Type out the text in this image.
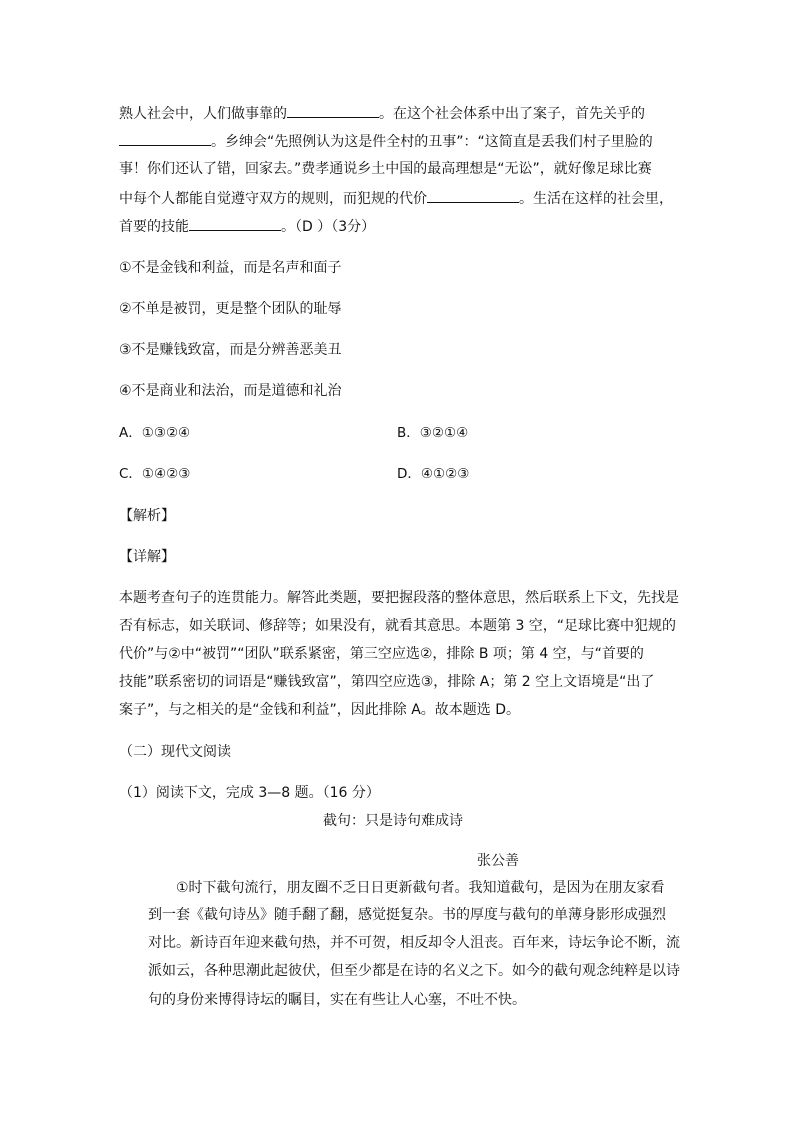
熟人社会中，人们做事靠的	。在这个社会体系中出了案子，首先关乎的
。乡绅会“先照例认为这是件全村的丑事”：“这简直是丢我们村子里脸的
事！你们还认了错，回家去。”费孝通说乡土中国的最高理想是“无讼”，就好像足球比赛
中每个人都能自觉遵守双方的规则，而犯规的代价	。生活在这样的社会里，
首要的技能	。（D ）（3分）
①不是金钱和利益，而是名声和面子
②不单是被罚，更是整个团队的耻辱
③不是赚钱致富，而是分辨善恶美丑
④不是商业和法治，而是道德和礼治
A．①③②④	B．③②①④
C．①④②③	D．④①②③
【解析】
【详解】
本题考查句子的连贯能力。解答此类题，要把握段落的整体意思，然后联系上下文，先找是
否有标志，如关联词、修辞等；如果没有，就看其意思。本题第 3 空，“足球比赛中犯规的
代价”与②中“被罚”“团队”联系紧密，第三空应选②，排除 B 项；第 4 空，与“首要的
技能”联系密切的词语是“赚钱致富”，第四空应选③，排除 A；第 2 空上文语境是“出了
案子”，与之相关的是“金钱和利益”，因此排除 A。故本题选 D。
（二）现代文阅读
（1）阅读下文，完成 3—8 题。（16 分）
截句：只是诗句难成诗
张公善
①时下截句流行，朋友圈不乏日日更新截句者。我知道截句，是因为在朋友家看
到一套《截句诗丛》随手翻了翻，感觉挺复杂。书的厚度与截句的单薄身影形成强烈
对比。新诗百年迎来截句热，并不可贺，相反却令人沮丧。百年来，诗坛争论不断，流
派如云，各种思潮此起彼伏，但至少都是在诗的名义之下。如今的截句观念纯粹是以诗
句的身份来博得诗坛的瞩目，实在有些让人心塞，不吐不快。
